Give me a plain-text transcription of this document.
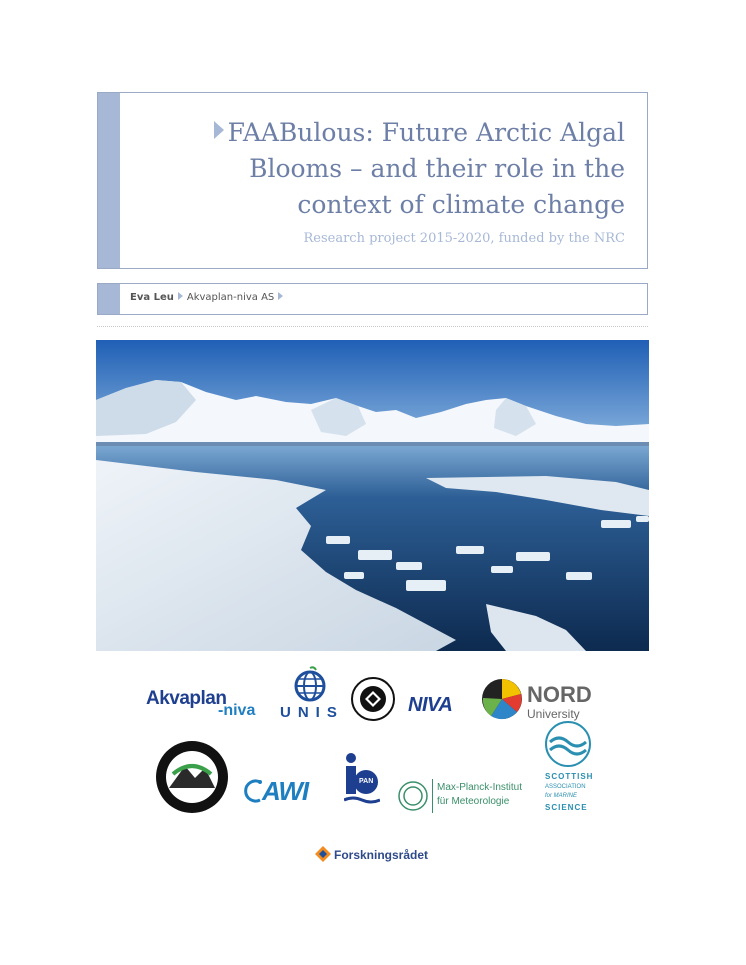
FAABulous: Future Arctic Algal
Blooms – and their role in the
context of climate change
Research project 2015-2020, funded by the NRC
Eva Leu Akvaplan-niva AS
Akvaplan
-niva UNIS	NIVA	NORD
University
AWI	PAN
Max-Planck-Institut
für Meteorologie
SCOTTISH
ASSOCIATION
for MARINE
SCIENCE
Forskningsrådet
